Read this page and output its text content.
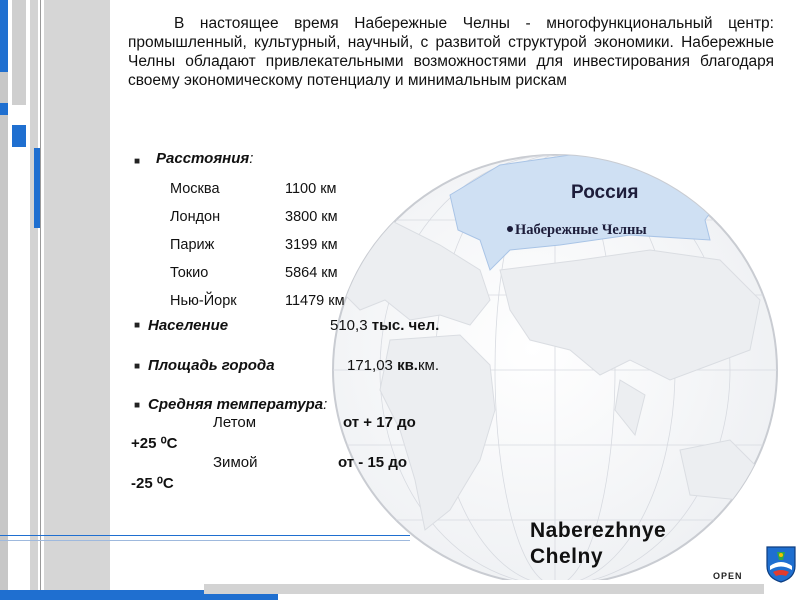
В настоящее время Набережные Челны - многофункциональный центр: промышленный, культурный, научный, с развитой структурой экономики. Набережные Челны обладают привлекательными возможностями для инвестирования благодаря своему экономическому потенциалу и минимальным рискам
■ Расстояния:
Москва	1100 км
Лондон	3800 км
Париж	3199 км
Токио	5864 км
Нью-Йорк	11479 км
■ Население	510,3 тыс. чел.
■ Площадь города	171,03 кв.км.
■ Средняя температура:
Летом	от + 17 до
+25 ⁰С
Зимой	от - 15 до
-25 ⁰С
Россия
Набережные Челны
Naberezhnye
Chelny
OPEN
